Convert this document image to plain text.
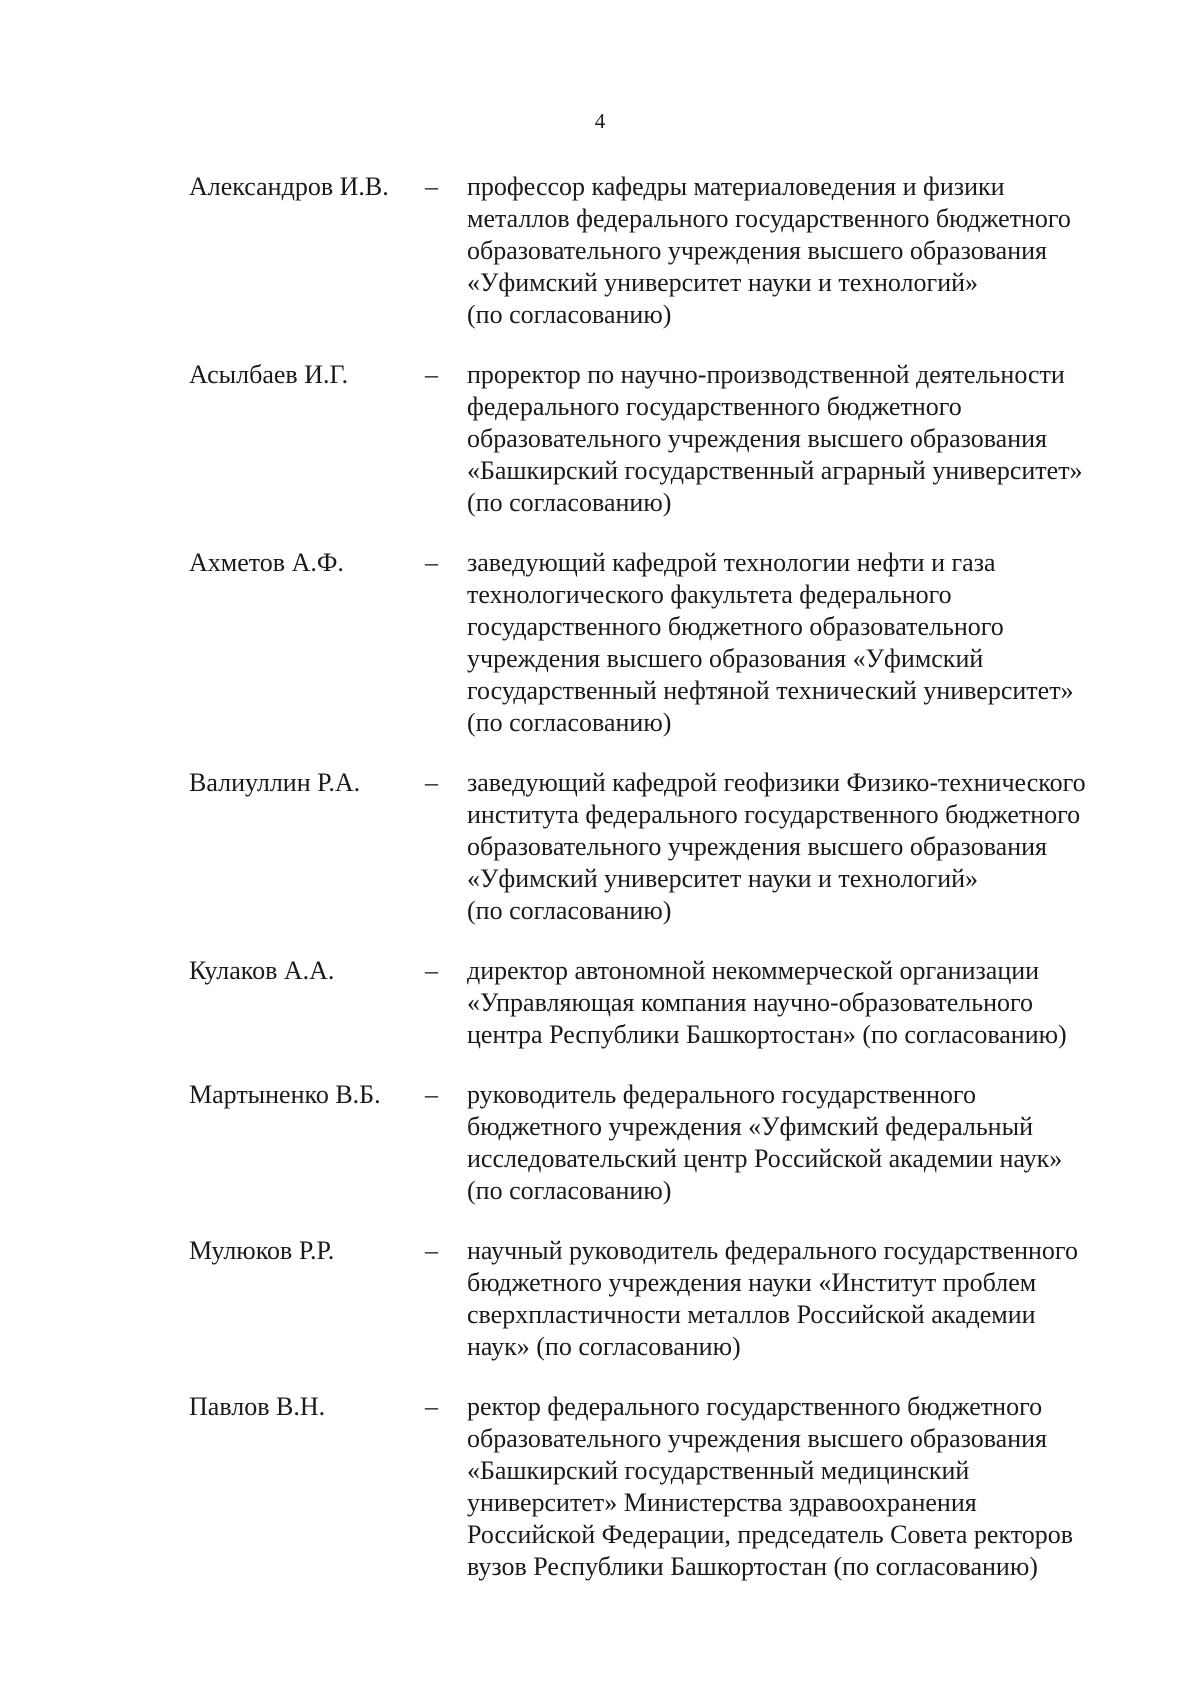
4
Александров И.В.	–	профессор кафедры материаловедения и физики
металлов федерального государственного бюджетного
образовательного учреждения высшего образования
«Уфимский университет науки и технологий»
(по согласованию)
Асылбаев И.Г.	–	проректор по научно-производственной деятельности
федерального государственного бюджетного
образовательного учреждения высшего образования
«Башкирский государственный аграрный университет»
(по согласованию)
Ахметов А.Ф.	–	заведующий кафедрой технологии нефти и газа
технологического факультета федерального
государственного бюджетного образовательного
учреждения высшего образования «Уфимский
государственный нефтяной технический университет»
(по согласованию)
Валиуллин Р.А.	–	заведующий кафедрой геофизики Физико-технического
института федерального государственного бюджетного
образовательного учреждения высшего образования
«Уфимский университет науки и технологий»
(по согласованию)
Кулаков А.А.	–	директор автономной некоммерческой организации
«Управляющая компания научно-образовательного
центра Республики Башкортостан» (по согласованию)
Мартыненко В.Б.	–	руководитель федерального государственного
бюджетного учреждения «Уфимский федеральный
исследовательский центр Российской академии наук»
(по согласованию)
Мулюков Р.Р.	–	научный руководитель федерального государственного
бюджетного учреждения науки «Институт проблем
сверхпластичности металлов Российской академии
наук» (по согласованию)
Павлов В.Н.	–	ректор федерального государственного бюджетного
образовательного учреждения высшего образования
«Башкирский государственный медицинский
университет» Министерства здравоохранения
Российской Федерации, председатель Совета ректоров
вузов Республики Башкортостан (по согласованию)
